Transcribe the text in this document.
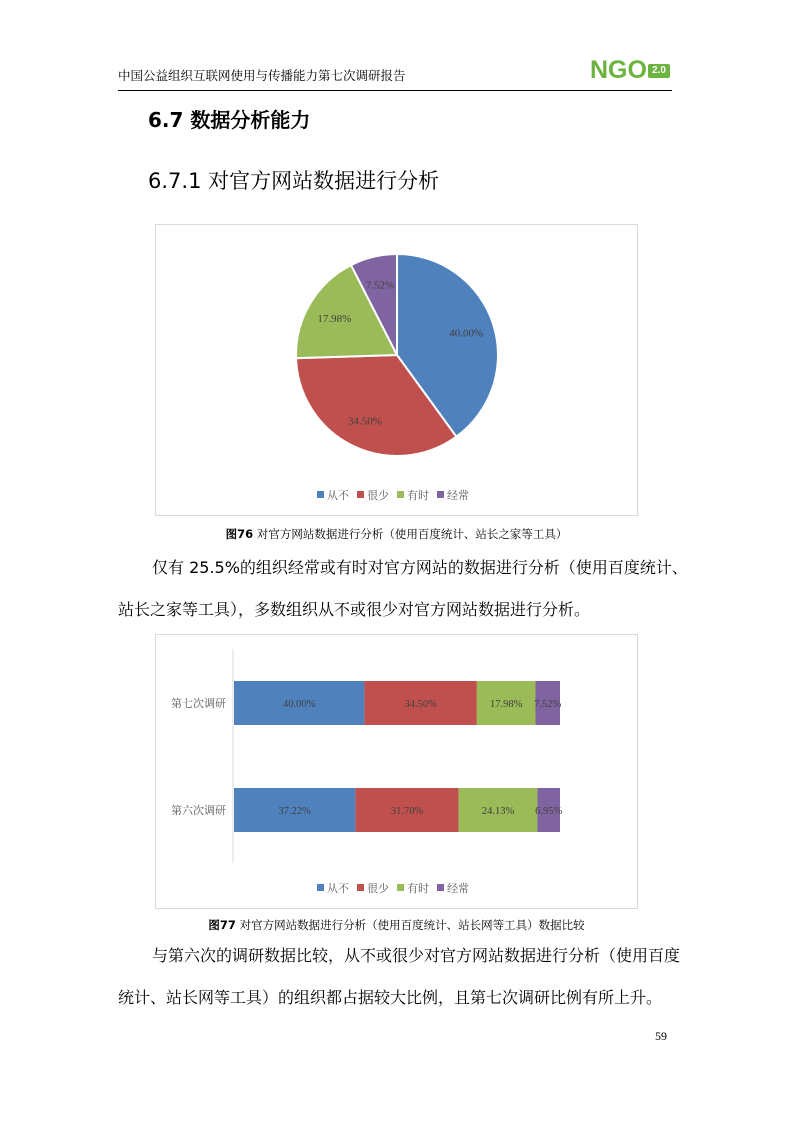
中国公益组织互联网使用与传播能力第七次调研报告	NGO 2.0
6.7 数据分析能力
6.7.1 对官方网站数据进行分析
40.00%
34.50%
17.98%
7.52%
从不 很少 有时 经常
图76 对官方网站数据进行分析（使用百度统计、站长之家等工具）
仅有 25.5%的组织经常或有时对官方网站的数据进行分析（使用百度统计、
站长之家等工具），多数组织从不或很少对官方网站数据进行分析。
第七次调研	40.00%	34.50%	17.98% 7.52%
第六次调研	37.22%	31.70%	24.13% 6.95%
从不 很少 有时 经常
图77 对官方网站数据进行分析（使用百度统计、站长网等工具）数据比较
与第六次的调研数据比较，从不或很少对官方网站数据进行分析（使用百度
统计、站长网等工具）的组织都占据较大比例，且第七次调研比例有所上升。
59
